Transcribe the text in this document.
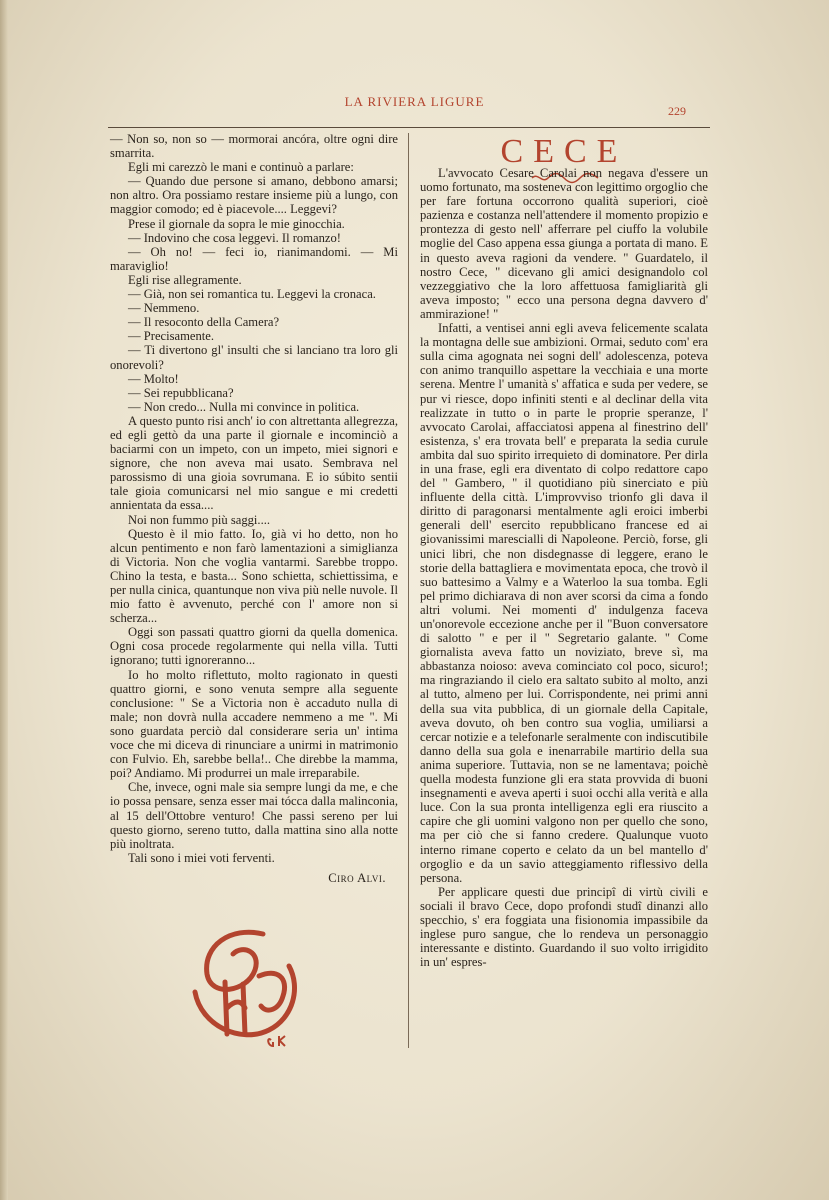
LA RIVIERA LIGURE
229

— Non so, non so — mormorai ancóra, oltre ogni dire smarrita.

Egli mi carezzò le mani e continuò a parlare:

— Quando due persone si amano, debbono amarsi; non altro. Ora possiamo restare insieme più a lungo, con maggior comodo; ed è piacevole.... Leggevi?

Prese il giornale da sopra le mie ginocchia.

— Indovino che cosa leggevi. Il romanzo!

— Oh no! — feci io, rianimandomi. — Mi maraviglio!

Egli rise allegramente.

— Già, non sei romantica tu. Leggevi la cronaca.

— Nemmeno.

— Il resoconto della Camera?

— Precisamente.

— Ti divertono gl' insulti che si lanciano tra loro gli onorevoli?

— Molto!

— Sei repubblicana?

— Non credo... Nulla mi convince in politica.

A questo punto risi anch' io con altrettanta allegrezza, ed egli gettò da una parte il giornale e incominciò a baciarmi con un impeto, con un impeto, miei signori e signore, che non aveva mai usato. Sembrava nel parossismo di una gioia sovrumana. E io súbito sentii tale gioia comunicarsi nel mio sangue e mi credetti annientata da essa....

Noi non fummo più saggi....

Questo è il mio fatto. Io, già vi ho detto, non ho alcun pentimento e non farò lamentazioni a simiglianza di Victoria. Non che voglia vantarmi. Sarebbe troppo. Chino la testa, e basta... Sono schietta, schiettissima, e per nulla cinica, quantunque non viva più nelle nuvole. Il mio fatto è avvenuto, perché con l' amore non si scherza...

Oggi son passati quattro giorni da quella domenica. Ogni cosa procede regolarmente qui nella villa. Tutti ignorano; tutti ignoreranno...

Io ho molto riflettuto, molto ragionato in questi quattro giorni, e sono venuta sempre alla seguente conclusione: " Se a Victoria non è accaduto nulla di male; non dovrà nulla accadere nemmeno a me ". Mi sono guardata perciò dal considerare seria un' intima voce che mi diceva di rinunciare a unirmi in matrimonio con Fulvio. Eh, sarebbe bella!.. Che direbbe la mamma, poi? Andiamo. Mi produrrei un male irreparabile.

Che, invece, ogni male sia sempre lungi da me, e che io possa pensare, senza esser mai tócca dalla malinconia, al 15 dell'Ottobre venturo! Che passi sereno per lui questo giorno, sereno tutto, dalla mattina sino alla notte più inoltrata.

Tali sono i miei voti ferventi.

Ciro Alvi.
CECE

L'avvocato Cesare Carolai non negava d'essere un uomo fortunato, ma sosteneva con legittimo orgoglio che per fare fortuna occorrono qualità superiori, cioè pazienza e costanza nell'attendere il momento propizio e prontezza di gesto nell' afferrare pel ciuffo la volubile moglie del Caso appena essa giunga a portata di mano. E in questo aveva ragioni da vendere. " Guardatelo, il nostro Cece, " dicevano gli amici designandolo col vezzeggiativo che la loro affettuosa famigliarità gli aveva imposto; " ecco una persona degna davvero d' ammirazione! "

Infatti, a ventisei anni egli aveva felicemente scalata la montagna delle sue ambizioni. Ormai, seduto com' era sulla cima agognata nei sogni dell' adolescenza, poteva con animo tranquillo aspettare la vecchiaia e una morte serena. Mentre l' umanità s' affatica e suda per vedere, se pur vi riesce, dopo infiniti stenti e al declinar della vita realizzate in tutto o in parte le proprie speranze, l' avvocato Carolai, affacciatosi appena al finestrino dell' esistenza, s' era trovata bell' e preparata la sedia curule ambita dal suo spirito irrequieto di dominatore. Per dirla in una frase, egli era diventato di colpo redattore capo del " Gambero, " il quotidiano più sinerciato e più influente della città. L'improvviso trionfo gli dava il diritto di paragonarsi mentalmente agli eroici imberbi generali dell' esercito repubblicano francese ed ai giovanissimi marescialli di Napoleone. Perciò, forse, gli unici libri, che non disdegnasse di leggere, erano le storie della battagliera e movimentata epoca, che trovò il suo battesimo a Valmy e a Waterloo la sua tomba. Egli pel primo dichiarava di non aver scorsi da cima a fondo altri volumi. Nei momenti d' indulgenza faceva un'onorevole eccezione anche per il "Buon conversatore di salotto " e per il " Segretario galante. " Come giornalista aveva fatto un noviziato, breve sì, ma abbastanza noioso: aveva cominciato col poco, sicuro!; ma ringraziando il cielo era saltato subito al molto, anzi al tutto, almeno per lui. Corrispondente, nei primi anni della sua vita pubblica, di un giornale della Capitale, aveva dovuto, oh ben contro sua voglia, umiliarsi a cercar notizie e a telefonarle seralmente con indiscutibile danno della sua gola e inenarrabile martirio della sua anima superiore. Tuttavia, non se ne lamentava; poichè quella modesta funzione gli era stata provvida di buoni insegnamenti e aveva aperti i suoi occhi alla verità e alla luce. Con la sua pronta intelligenza egli era riuscito a capire che gli uomini valgono non per quello che sono, ma per ciò che si fanno credere. Qualunque vuoto interno rimane coperto e celato da un bel mantello d' orgoglio e da un savio atteggiamento riflessivo della persona.

Per applicare questi due principî di virtù civili e sociali il bravo Cece, dopo profondi studî dinanzi allo specchio, s' era foggiata una fisionomia impassibile da inglese puro sangue, che lo rendeva un personaggio interessante e distinto. Guardando il suo volto irrigidito in un' espres-
